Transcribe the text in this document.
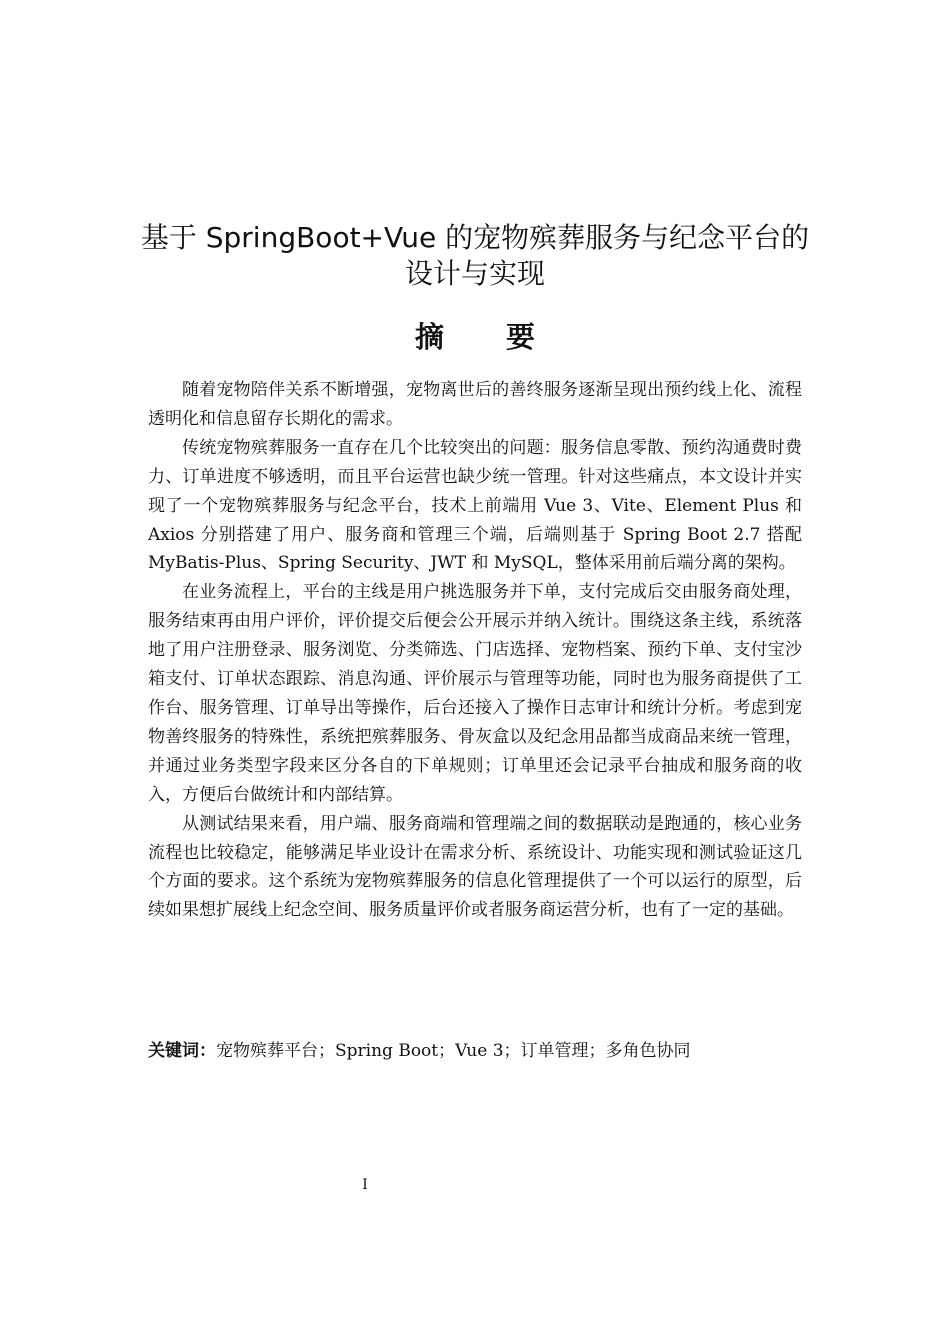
基于 SpringBoot+Vue 的宠物殡葬服务与纪念平台的
设计与实现
摘要

随着宠物陪伴关系不断增强，宠物离世后的善终服务逐渐呈现出预约线上化、流程透明化和信息留存长期化的需求。

传统宠物殡葬服务一直存在几个比较突出的问题：服务信息零散、预约沟通费时费力、订单进度不够透明，而且平台运营也缺少统一管理。针对这些痛点，本文设计并实现了一个宠物殡葬服务与纪念平台，技术上前端用 Vue 3、Vite、Element Plus 和 Axios 分别搭建了用户、服务商和管理三个端，后端则基于 Spring Boot 2.7 搭配 MyBatis-Plus、Spring Security、JWT 和 MySQL，整体采用前后端分离的架构。

在业务流程上，平台的主线是用户挑选服务并下单，支付完成后交由服务商处理，服务结束再由用户评价，评价提交后便会公开展示并纳入统计。围绕这条主线，系统落地了用户注册登录、服务浏览、分类筛选、门店选择、宠物档案、预约下单、支付宝沙箱支付、订单状态跟踪、消息沟通、评价展示与管理等功能，同时也为服务商提供了工作台、服务管理、订单导出等操作，后台还接入了操作日志审计和统计分析。考虑到宠物善终服务的特殊性，系统把殡葬服务、骨灰盒以及纪念用品都当成商品来统一管理，并通过业务类型字段来区分各自的下单规则；订单里还会记录平台抽成和服务商的收入，方便后台做统计和内部结算。

从测试结果来看，用户端、服务商端和管理端之间的数据联动是跑通的，核心业务流程也比较稳定，能够满足毕业设计在需求分析、系统设计、功能实现和测试验证这几个方面的要求。这个系统为宠物殡葬服务的信息化管理提供了一个可以运行的原型，后续如果想扩展线上纪念空间、服务质量评价或者服务商运营分析，也有了一定的基础。

关键词：宠物殡葬平台；Spring Boot；Vue 3；订单管理；多角色协同
I
